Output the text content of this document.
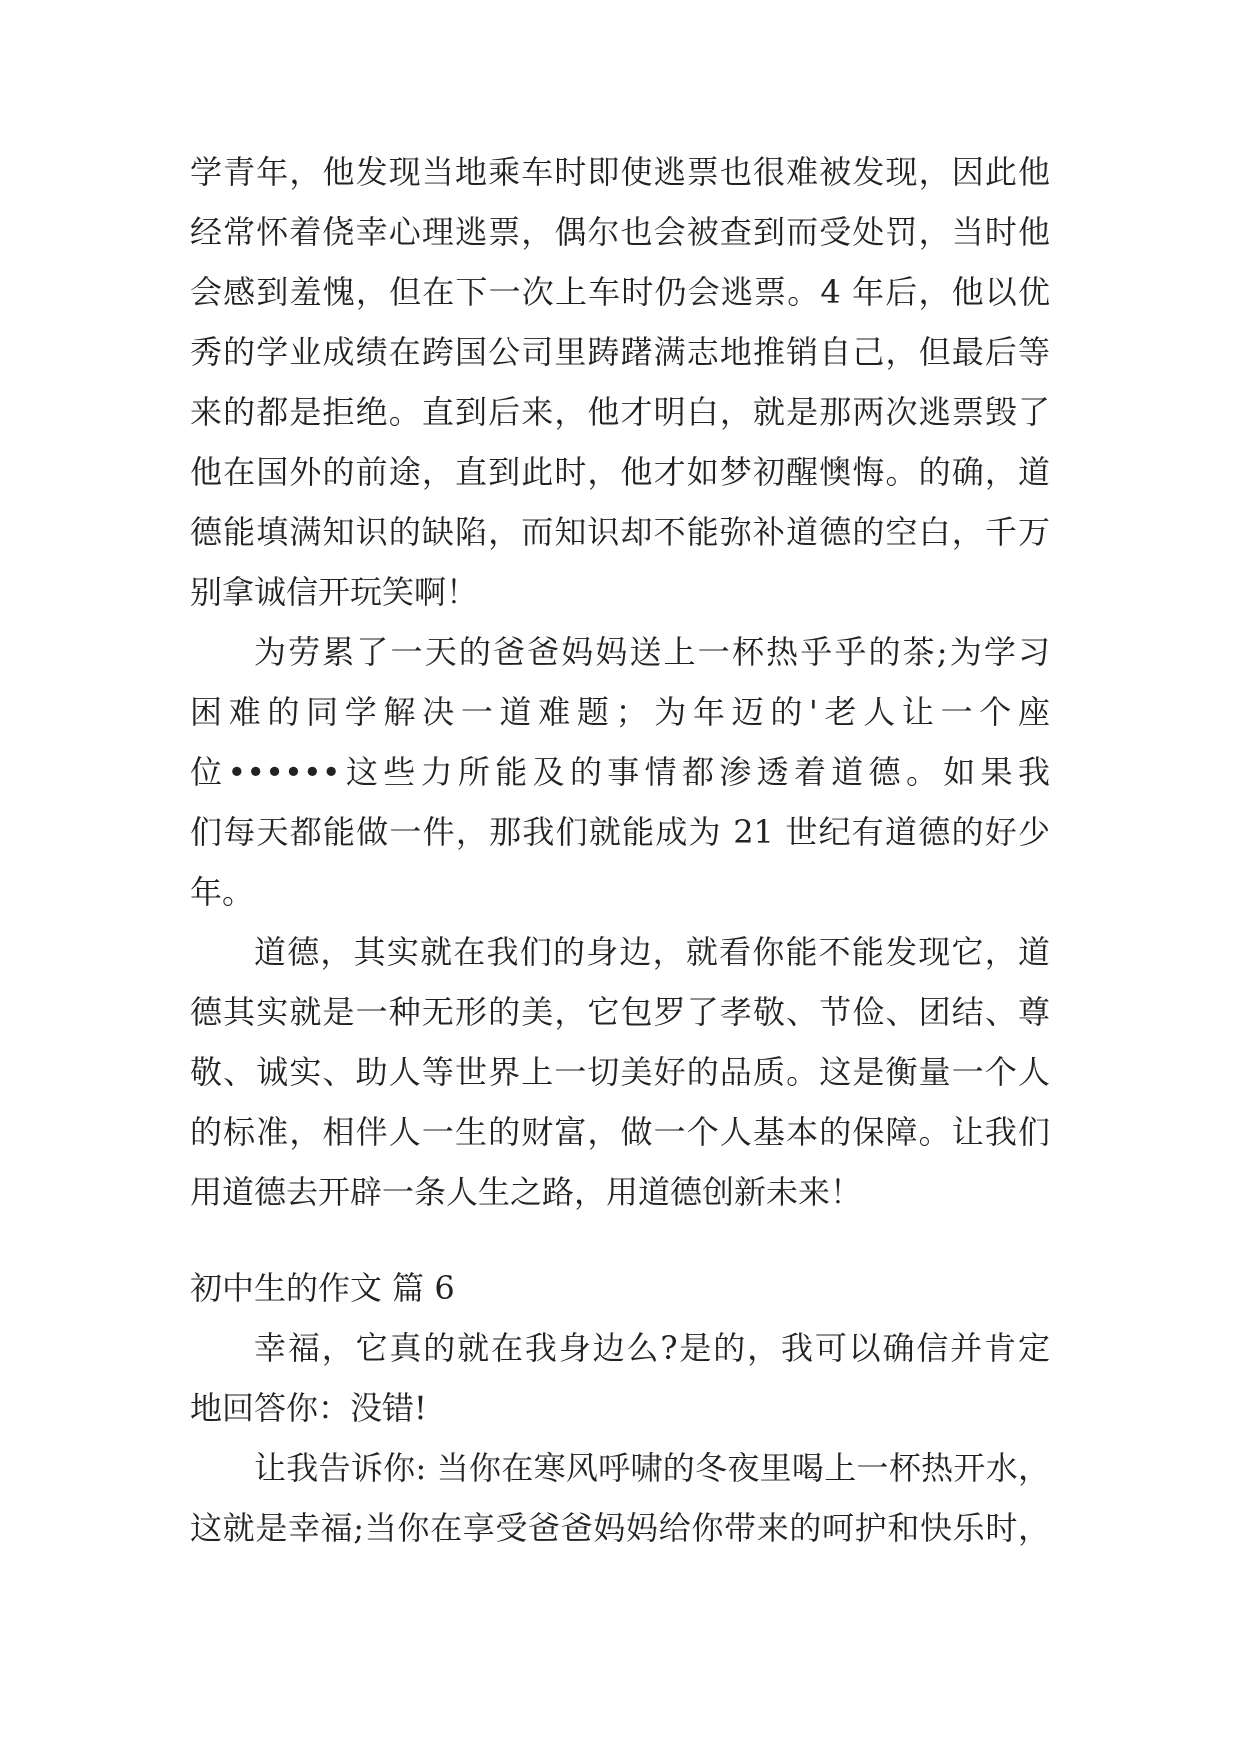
学青年，他发现当地乘车时即使逃票也很难被发现，因此他
经常怀着侥幸心理逃票，偶尔也会被查到而受处罚，当时他
会感到羞愧，但在下一次上车时仍会逃票。4 年后，他以优
秀的学业成绩在跨国公司里踌躇满志地推销自己，但最后等
来的都是拒绝。直到后来，他才明白，就是那两次逃票毁了
他在国外的前途，直到此时，他才如梦初醒懊悔。的确，道
德能填满知识的缺陷，而知识却不能弥补道德的空白，千万
别拿诚信开玩笑啊！
为劳累了一天的爸爸妈妈送上一杯热乎乎的茶;为学习
困难的同学解决一道难题；为年迈的'老人让一个座
位••••••这些力所能及的事情都渗透着道德。如果我
们每天都能做一件，那我们就能成为 21 世纪有道德的好少
年。
道德，其实就在我们的身边，就看你能不能发现它，道
德其实就是一种无形的美，它包罗了孝敬、节俭、团结、尊
敬、诚实、助人等世界上一切美好的品质。这是衡量一个人
的标准，相伴人一生的财富，做一个人基本的保障。让我们
用道德去开辟一条人生之路，用道德创新未来！
初中生的作文 篇 6
幸福，它真的就在我身边么?是的，我可以确信并肯定
地回答你：没错!
让我告诉你: 当你在寒风呼啸的冬夜里喝上一杯热开水，
这就是幸福;当你在享受爸爸妈妈给你带来的呵护和快乐时，
